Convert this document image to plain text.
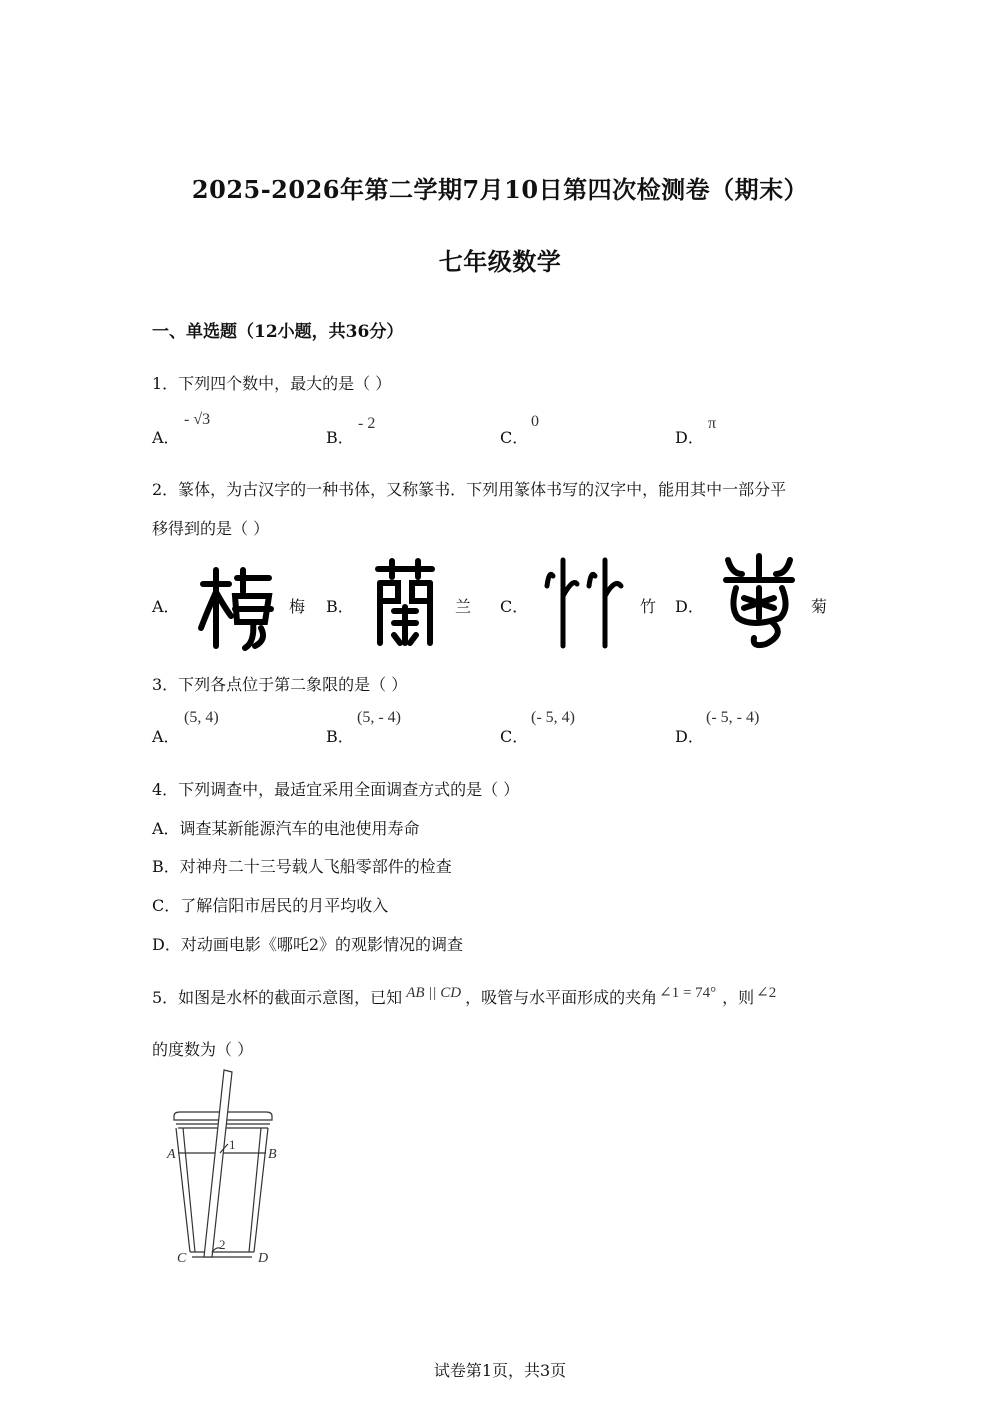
2025-2026年第二学期7月10日第四次检测卷（期末）
七年级数学
一、单选题（12小题，共36分）
1．下列四个数中，最大的是（ ）
A．
- √3
B．
- 2
C．
0
D．
π
2．篆体，为古汉字的一种书体，又称篆书．下列用篆体书写的汉字中，能用其中一部分平
移得到的是（ ）
A．	梅 B．	兰 C．	竹 D．	菊
3．下列各点位于第二象限的是（ ）
A．
(5, 4)
B．
(5, - 4)
C．
(- 5, 4)
D．
(- 5, - 4)
4．下列调查中，最适宜采用全面调查方式的是（ ）
A．调查某新能源汽车的电池使用寿命
B．对神舟二十三号载人飞船零部件的检查
C．了解信阳市居民的月平均收入
D．对动画电影《哪吒2》的观影情况的调查
5．如图是水杯的截面示意图，已知 AB || CD ，吸管与水平面形成的夹角 ∠1 = 74° ，则 ∠2
的度数为（ ）
A	B
C	D
1
2
试卷第1页，共3页
